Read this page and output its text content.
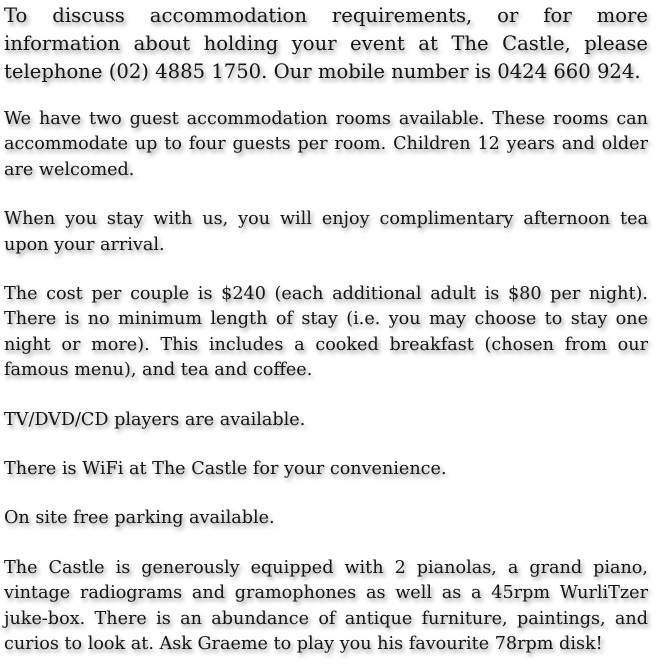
To discuss accommodation requirements, or for more information about holding your event at The Castle, please telephone (02) 4885 1750. Our mobile number is 0424 660 924.

We have two guest accommodation rooms available. These rooms can accommodate up to four guests per room. Children 12 years and older are welcomed.

When you stay with us, you will enjoy complimentary afternoon tea upon your arrival.

The cost per couple is $240 (each additional adult is $80 per night). There is no minimum length of stay (i.e. you may choose to stay one night or more). This includes a cooked breakfast (chosen from our famous menu), and tea and coffee.

TV/DVD/CD players are available.

There is WiFi at The Castle for your convenience.

On site free parking available.

The Castle is generously equipped with 2 pianolas, a grand piano, vintage radiograms and gramophones as well as a 45rpm WurliTzer juke-box. There is an abundance of antique furniture, paintings, and curios to look at. Ask Graeme to play you his favourite 78rpm disk!
